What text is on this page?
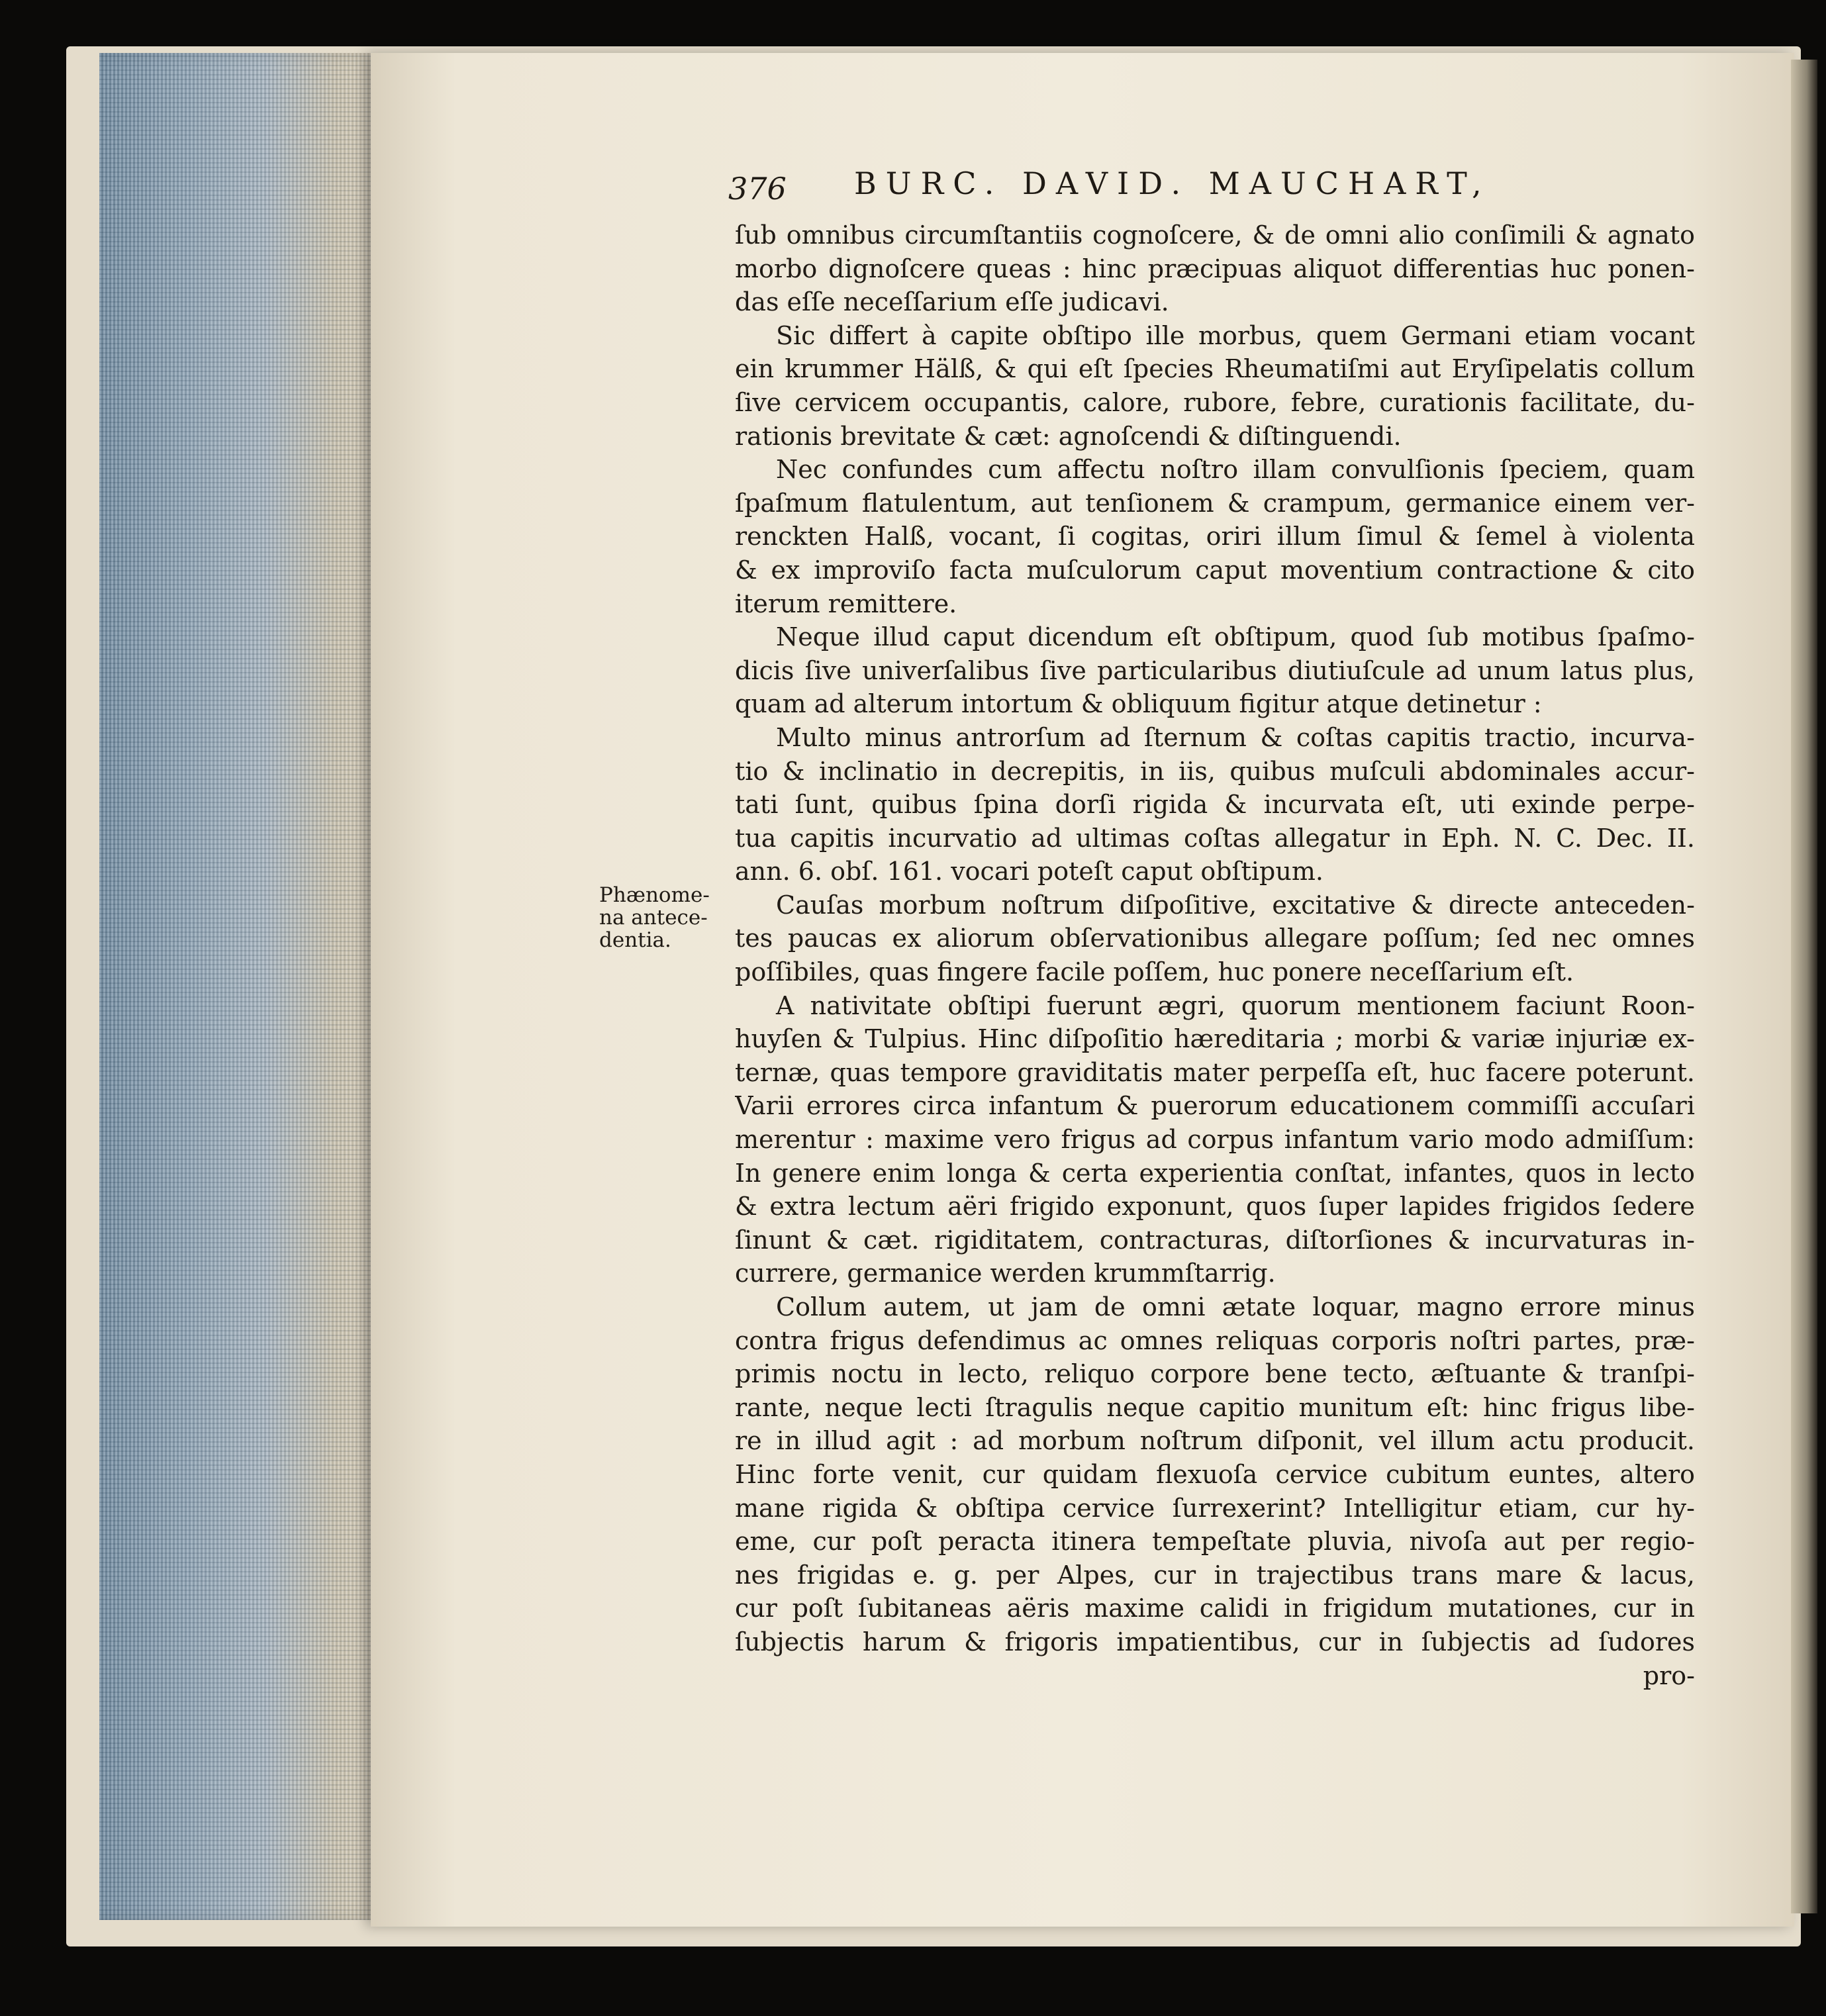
376 BURC. DAVID. MAUCHART,
Phænome-
na antece-
dentia.
ſub omnibus circumſtantiis cognoſcere, & de omni alio conſimili & agnato
morbo dignoſcere queas : hinc præcipuas aliquot differentias huc ponen-
das eſſe neceſſarium eſſe judicavi.
Sic differt à capite obſtipo ille morbus, quem Germani etiam vocant
ein krummer Hälß, & qui eſt ſpecies Rheumatiſmi aut Eryſipelatis collum
ſive cervicem occupantis, calore, rubore, febre, curationis facilitate, du-
rationis brevitate & cæt: agnoſcendi & diſtinguendi.
Nec confundes cum affectu noſtro illam convulſionis ſpeciem, quam
ſpaſmum flatulentum, aut tenſionem & crampum, germanice einem ver-
renckten Halß, vocant, ſi cogitas, oriri illum ſimul & ſemel à violenta
& ex improviſo facta muſculorum caput moventium contractione & cito
iterum remittere.
Neque illud caput dicendum eſt obſtipum, quod ſub motibus ſpaſmo-
dicis ſive univerſalibus ſive particularibus diutiuſcule ad unum latus plus,
quam ad alterum intortum & obliquum figitur atque detinetur :
Multo minus antrorſum ad ſternum & coſtas capitis tractio, incurva-
tio & inclinatio in decrepitis, in iis, quibus muſculi abdominales accur-
tati ſunt, quibus ſpina dorſi rigida & incurvata eſt, uti exinde perpe-
tua capitis incurvatio ad ultimas coſtas allegatur in Eph. N. C. Dec. II.
ann. 6. obſ. 161. vocari poteſt caput obſtipum.
Cauſas morbum noſtrum diſpoſitive, excitative & directe anteceden-
tes paucas ex aliorum obſervationibus allegare poſſum; ſed nec omnes
poſſibiles, quas fingere facile poſſem, huc ponere neceſſarium eſt.
A nativitate obſtipi fuerunt ægri, quorum mentionem faciunt Roon-
huyſen & Tulpius. Hinc diſpoſitio hæreditaria ; morbi & variæ injuriæ ex-
ternæ, quas tempore graviditatis mater perpeſſa eſt, huc facere poterunt.
Varii errores circa infantum & puerorum educationem commiſſi accuſari
merentur : maxime vero frigus ad corpus infantum vario modo admiſſum:
In genere enim longa & certa experientia conſtat, infantes, quos in lecto
& extra lectum aëri frigido exponunt, quos ſuper lapides frigidos ſedere
ſinunt & cæt. rigiditatem, contracturas, diſtorſiones & incurvaturas in-
currere, germanice werden krummſtarrig.
Collum autem, ut jam de omni ætate loquar, magno errore minus
contra frigus defendimus ac omnes reliquas corporis noſtri partes, præ-
primis noctu in lecto, reliquo corpore bene tecto, æſtuante & tranſpi-
rante, neque lecti ſtragulis neque capitio munitum eſt: hinc frigus libe-
re in illud agit : ad morbum noſtrum diſponit, vel illum actu producit.
Hinc forte venit, cur quidam flexuoſa cervice cubitum euntes, altero
mane rigida & obſtipa cervice ſurrexerint? Intelligitur etiam, cur hy-
eme, cur poſt peracta itinera tempeſtate pluvia, nivoſa aut per regio-
nes frigidas e. g. per Alpes, cur in trajectibus trans mare & lacus,
cur poſt ſubitaneas aëris maxime calidi in frigidum mutationes, cur in
ſubjectis harum & frigoris impatientibus, cur in ſubjectis ad ſudores
pro-
